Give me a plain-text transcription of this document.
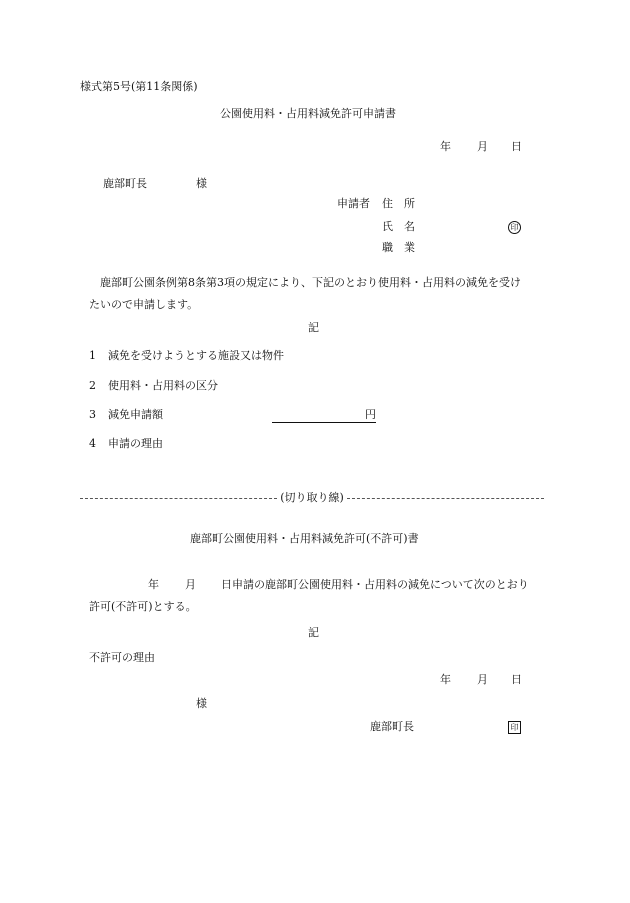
様式第5号(第11条関係)
公園使用料・占用料減免許可申請書
年 月 日
鹿部町長	様
申請者 住　所
氏　名	印
職　業
鹿部町公園条例第8条第3項の規定により、下記のとおり使用料・占用料の減免を受け
たいので申請します。
記
1 減免を受けようとする施設又は物件
2 使用料・占用料の区分
3 減免申請額	円
4 申請の理由
(切り取り線)
鹿部町公園使用料・占用料減免許可(不許可)書
年 月 日申請の鹿部町公園使用料・占用料の減免について次のとおり
許可(不許可)とする。
記
不許可の理由
年 月 日
様
鹿部町長	印
